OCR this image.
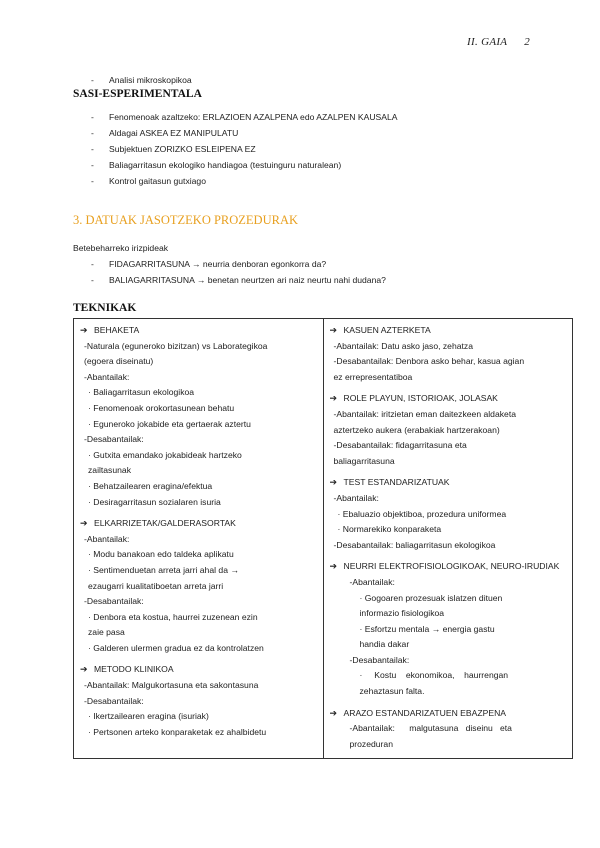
II. GAIA 2
- Analisi mikroskopikoa
SASI-ESPERIMENTALA
- Fenomenoak azaltzeko: ERLAZIOEN AZALPENA edo AZALPEN KAUSALA
- Aldagai ASKEA EZ MANIPULATU
- Subjektuen ZORIZKO ESLEIPENA EZ
- Baliagarritasun ekologiko handiagoa (testuinguru naturalean)
- Kontrol gaitasun gutxiago
3. DATUAK JASOTZEKO PROZEDURAK
Betebeharreko irizpideak
- FIDAGARRITASUNA → neurria denboran egonkorra da?
- BALIAGARRITASUNA → benetan neurtzen ari naiz neurtu nahi dudana?
TEKNIKAK
➔ BEHAKETA
-Naturala (eguneroko bizitzan) vs Laborategikoa
(egoera diseinatu)
-Abantailak:
· Baliagarritasun ekologikoa
· Fenomenoak orokortasunean behatu
· Eguneroko jokabide eta gertaerak aztertu
-Desabantailak:
· Gutxita emandako jokabideak hartzeko
zailtasunak
· Behatzailearen eragina/efektua
· Desiragarritasun sozialaren isuria
➔ ELKARRIZETAK/GALDERASORTAK
-Abantailak:
· Modu banakoan edo taldeka aplikatu
· Sentimenduetan arreta jarri ahal da →
ezaugarri kualitatiboetan arreta jarri
-Desabantailak:
· Denbora eta kostua, haurrei zuzenean ezin
zaie pasa
· Galderen ulermen gradua ez da kontrolatzen
➔ METODO KLINIKOA
-Abantailak: Malgukortasuna eta sakontasuna
-Desabantailak:
· Ikertzailearen eragina (isuriak)
· Pertsonen arteko konparaketak ez ahalbidetu

➔ KASUEN AZTERKETA
-Abantailak: Datu asko jaso, zehatza
-Desabantailak: Denbora asko behar, kasua agian
ez errepresentatiboa
➔ ROLE PLAYUN, ISTORIOAK, JOLASAK
-Abantailak: iritzietan eman daitezkeen aldaketa
aztertzeko aukera (erabakiak hartzerakoan)
-Desabantailak: fidagarritasuna eta
baliagarritasuna
➔ TEST ESTANDARIZATUAK
-Abantailak:
· Ebaluazio objektiboa, prozedura uniformea
· Normarekiko konparaketa
-Desabantailak: baliagarritasun ekologikoa
➔ NEURRI ELEKTROFISIOLOGIKOAK, NEURO-IRUDIAK
-Abantailak:
· Gogoaren prozesuak islatzen dituen
informazio fisiologikoa
· Esfortzu mentala → energia gastu
handia dakar
-Desabantailak:
·     Kostu    ekonomikoa,    haurrengan
zehaztasun falta.
➔ ARAZO ESTANDARIZATUEN EBAZPENA
-Abantailak:      malgutasuna   diseinu   eta
prozeduran
